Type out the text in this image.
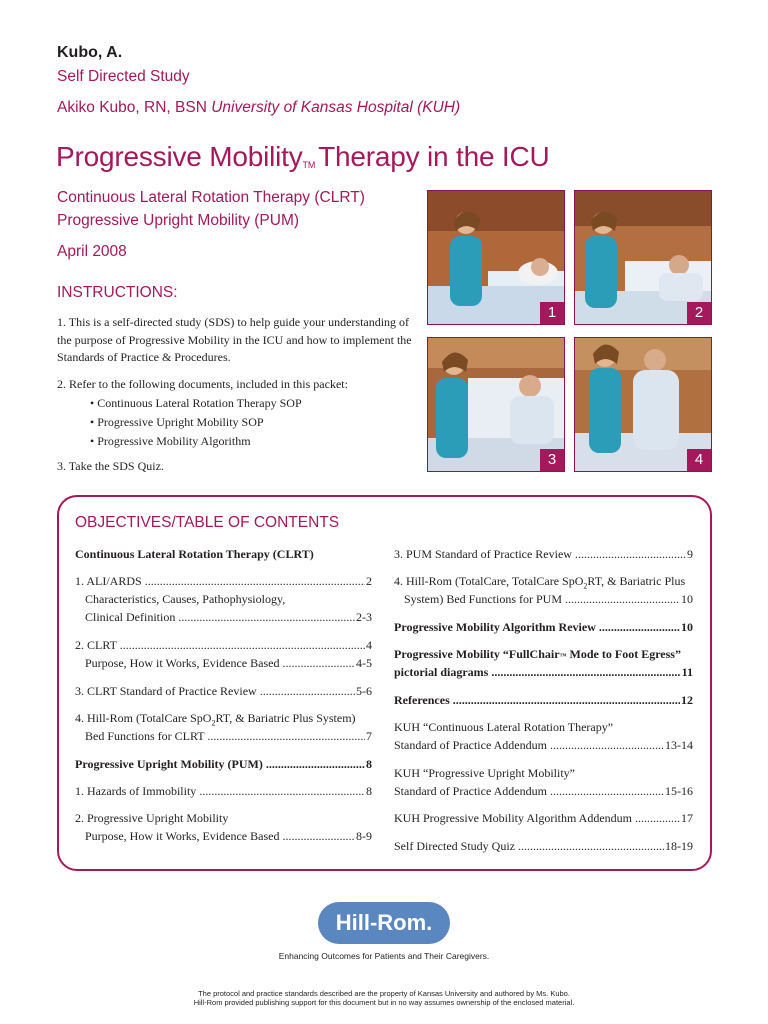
Kubo, A.
Self Directed Study
Akiko Kubo, RN, BSN University of Kansas Hospital (KUH)
Progressive MobilityTM Therapy in the ICU
Continuous Lateral Rotation Therapy (CLRT)
Progressive Upright Mobility (PUM)
April 2008
INSTRUCTIONS:
1. This is a self-directed study (SDS) to help guide your understanding of the purpose of Progressive Mobility in the ICU and how to implement the Standards of Practice & Procedures.
2. Refer to the following documents, included in this packet:
• Continuous Lateral Rotation Therapy SOP
• Progressive Upright Mobility SOP
• Progressive Mobility Algorithm
3. Take the SDS Quiz.
1	2
3	4
OBJECTIVES/TABLE OF CONTENTS
Continuous Lateral Rotation Therapy (CLRT)
1. ALI/ARDS .....	2
Characteristics, Causes, Pathophysiology,
Clinical Definition .....	2-3
2. CLRT .....	4
Purpose, How it Works, Evidence Based .....	4-5
3. CLRT Standard of Practice Review .....	5-6
4. Hill-Rom (TotalCare SpO$_2$RT, & Bariatric Plus System)
Bed Functions for CLRT .....	7
Progressive Upright Mobility (PUM) .....	8
1. Hazards of Immobility .....	8
2. Progressive Upright Mobility
Purpose, How it Works, Evidence Based .....	8-9
3. PUM Standard of Practice Review .....	9
4. Hill-Rom (TotalCare, TotalCare SpO$_2$RT, & Bariatric Plus
System) Bed Functions for PUM .....	10
Progressive Mobility Algorithm Review .....	10
Progressive Mobility “FullChair™ Mode to Foot Egress”
pictorial diagrams .....	11
References .....	12
KUH “Continuous Lateral Rotation Therapy”
Standard of Practice Addendum .....	13-14
KUH “Progressive Upright Mobility”
Standard of Practice Addendum .....	15-16
KUH Progressive Mobility Algorithm Addendum .....	17
Self Directed Study Quiz .....	18-19
Hill-Rom.
Enhancing Outcomes for Patients and Their Caregivers.
The protocol and practice standards described are the property of Kansas University and authored by Ms. Kubo.
Hill-Rom provided publishing support for this document but in no way assumes ownership of the enclosed material.
